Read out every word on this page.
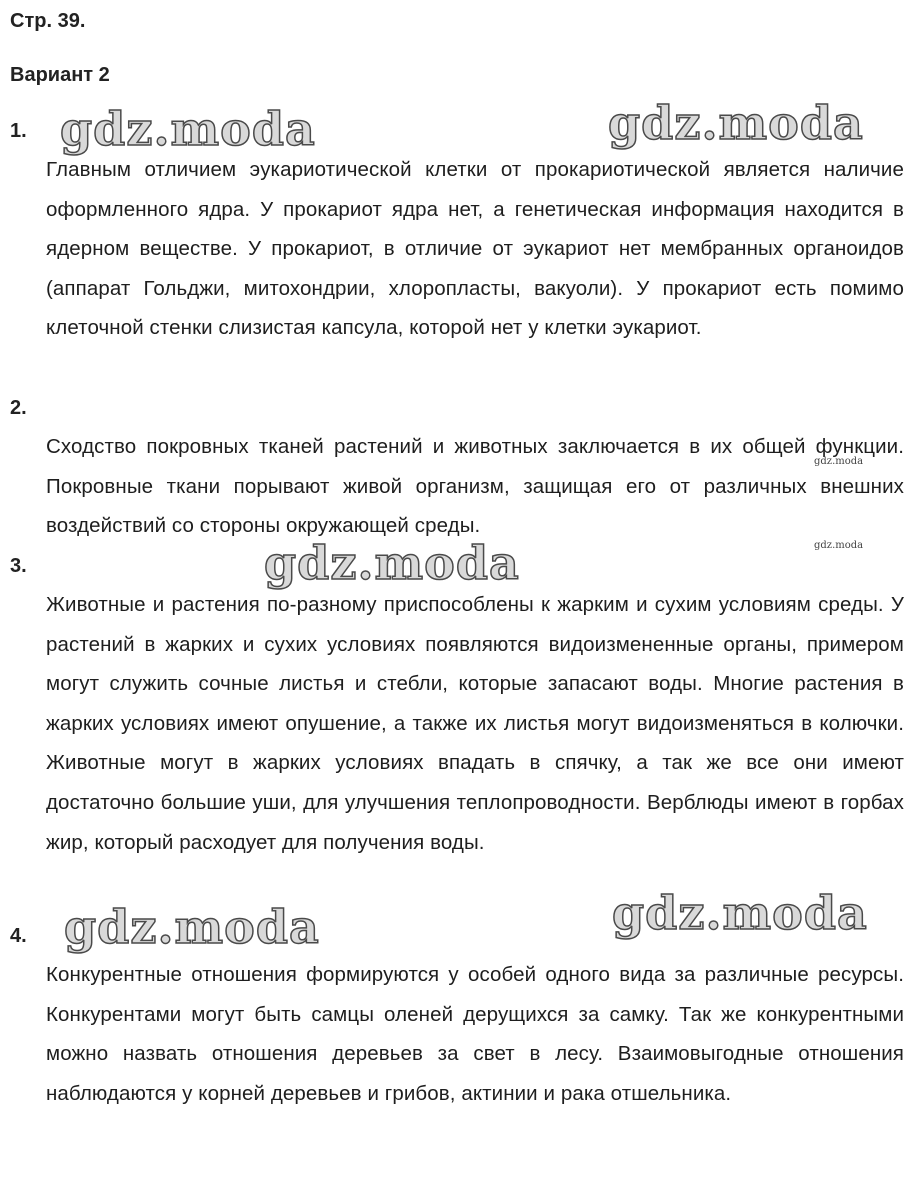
Стр. 39.
Вариант 2
1.
Главным отличием эукариотической клетки от прокариотической является наличие оформленного ядра. У прокариот ядра нет, а генетическая информация находится в ядерном веществе. У прокариот, в отличие от эукариот нет мембранных органоидов (аппарат Гольджи, митохондрии, хлоропласты, вакуоли). У прокариот есть помимо клеточной стенки слизистая капсула, которой нет у клетки эукариот.
2.
Сходство покровных тканей растений и животных заключается в их общей функции. Покровные ткани порывают живой организм, защищая его от различных внешних воздействий со стороны окружающей среды.
3.
Животные и растения по-разному приспособлены к жарким и сухим условиям среды. У растений в жарких и сухих условиях появляются видоизмененные органы, примером могут служить сочные листья и стебли, которые запасают воды. Многие растения в жарких условиях имеют опушение, а также их листья могут видоизменяться в колючки. Животные могут в жарких условиях впадать в спячку, а так же все они имеют достаточно большие уши, для улучшения теплопроводности. Верблюды имеют в горбах жир, который расходует для получения воды.
4.
Конкурентные отношения формируются у особей одного вида за различные ресурсы. Конкурентами могут быть самцы оленей дерущихся за самку. Так же конкурентными можно назвать отношения деревьев за свет в лесу. Взаимовыгодные отношения наблюдаются у корней деревьев и грибов, актинии и рака отшельника.
gdz.moda	gdz.moda
gdz.moda
gdz.moda
gdz.moda
gdz.moda
gdz.moda
